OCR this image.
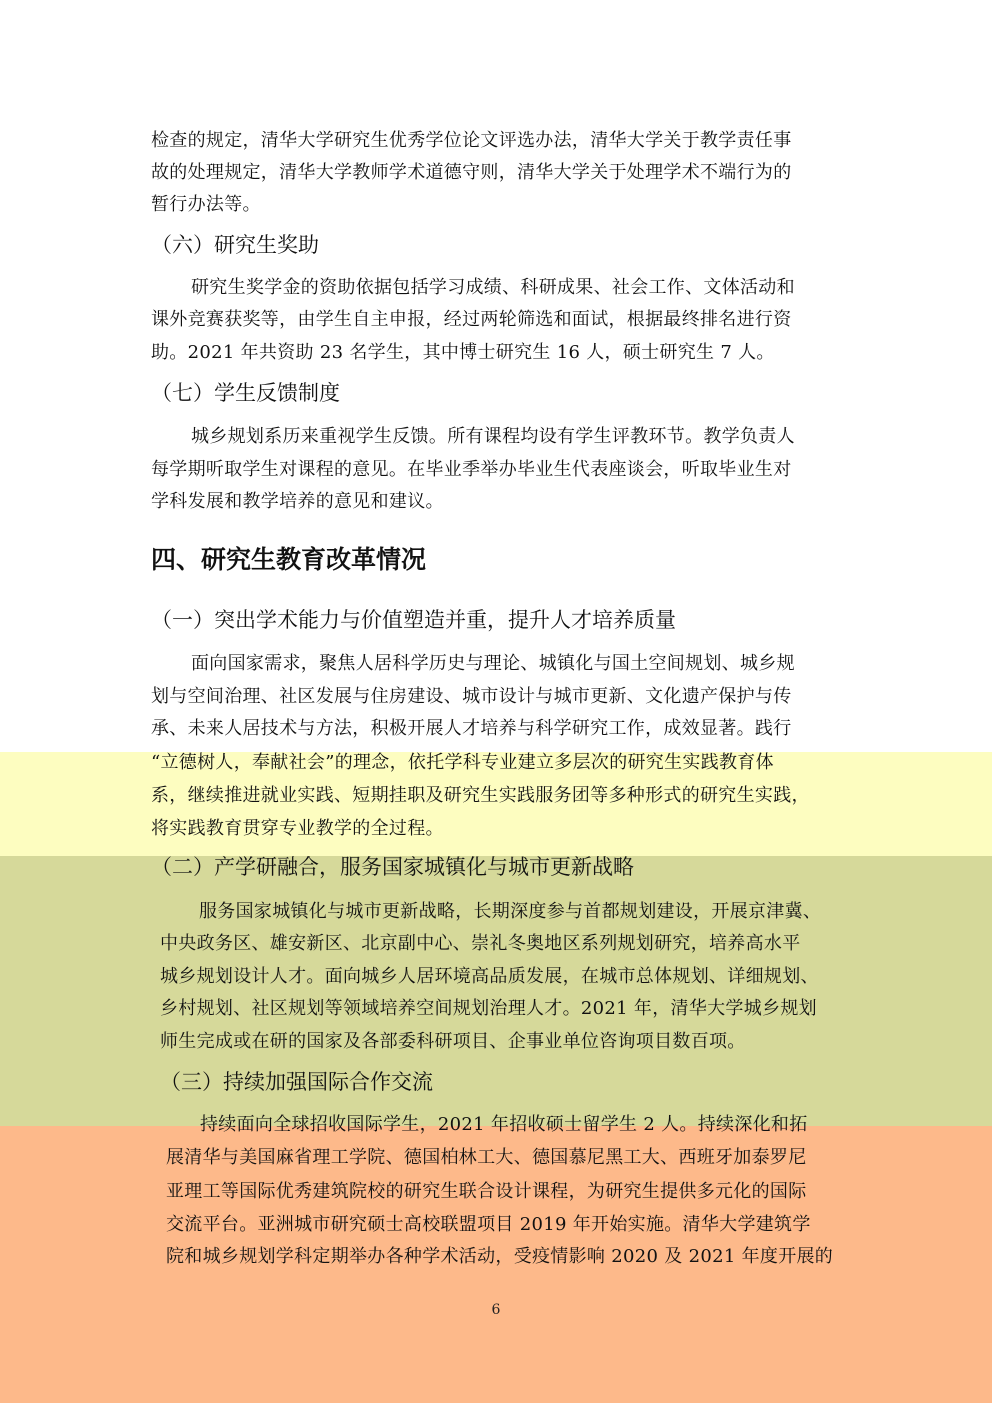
检查的规定，清华大学研究生优秀学位论文评选办法，清华大学关于教学责任事
故的处理规定，清华大学教师学术道德守则，清华大学关于处理学术不端行为的
暂行办法等。
（六）研究生奖助
研究生奖学金的资助依据包括学习成绩、科研成果、社会工作、文体活动和
课外竞赛获奖等，由学生自主申报，经过两轮筛选和面试，根据最终排名进行资
助。2021 年共资助 23 名学生，其中博士研究生 16 人，硕士研究生 7 人。
（七）学生反馈制度
城乡规划系历来重视学生反馈。所有课程均设有学生评教环节。教学负责人
每学期听取学生对课程的意见。在毕业季举办毕业生代表座谈会，听取毕业生对
学科发展和教学培养的意见和建议。
四、研究生教育改革情况
（一）突出学术能力与价值塑造并重，提升人才培养质量
面向国家需求，聚焦人居科学历史与理论、城镇化与国土空间规划、城乡规
划与空间治理、社区发展与住房建设、城市设计与城市更新、文化遗产保护与传
承、未来人居技术与方法，积极开展人才培养与科学研究工作，成效显著。践行
“立德树人，奉献社会”的理念，依托学科专业建立多层次的研究生实践教育体
系，继续推进就业实践、短期挂职及研究生实践服务团等多种形式的研究生实践，
将实践教育贯穿专业教学的全过程。
（二）产学研融合，服务国家城镇化与城市更新战略
服务国家城镇化与城市更新战略，长期深度参与首都规划建设，开展京津冀、
中央政务区、雄安新区、北京副中心、崇礼冬奥地区系列规划研究，培养高水平
城乡规划设计人才。面向城乡人居环境高品质发展，在城市总体规划、详细规划、
乡村规划、社区规划等领域培养空间规划治理人才。2021 年，清华大学城乡规划
师生完成或在研的国家及各部委科研项目、企事业单位咨询项目数百项。
（三）持续加强国际合作交流
持续面向全球招收国际学生，2021 年招收硕士留学生 2 人。持续深化和拓
展清华与美国麻省理工学院、德国柏林工大、德国慕尼黑工大、西班牙加泰罗尼
亚理工等国际优秀建筑院校的研究生联合设计课程，为研究生提供多元化的国际
交流平台。亚洲城市研究硕士高校联盟项目 2019 年开始实施。清华大学建筑学
院和城乡规划学科定期举办各种学术活动，受疫情影响 2020 及 2021 年度开展的
6
